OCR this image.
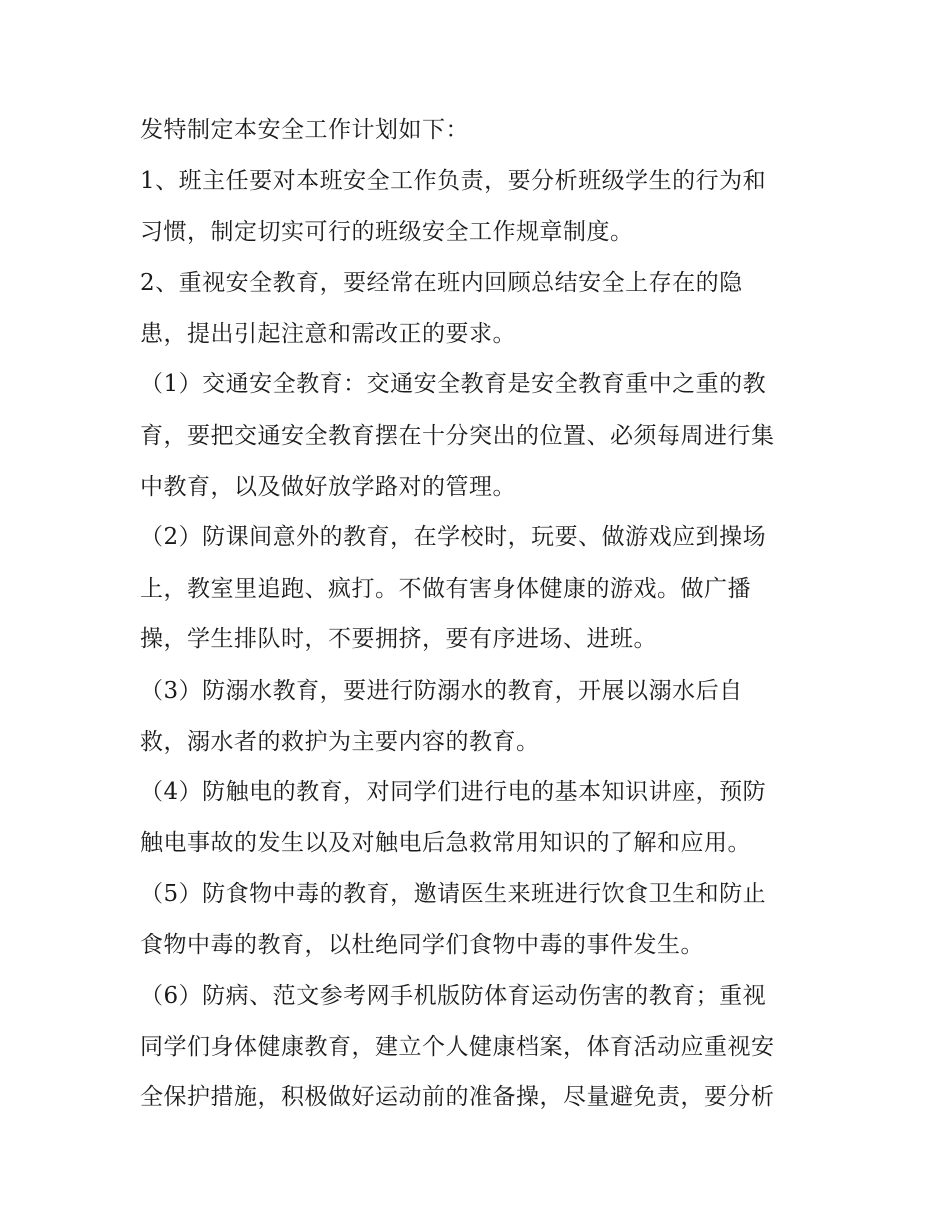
发特制定本安全工作计划如下：
1、班主任要对本班安全工作负责，要分析班级学生的行为和
习惯，制定切实可行的班级安全工作规章制度。
2、重视安全教育，要经常在班内回顾总结安全上存在的隐
患，提出引起注意和需改正的要求。
（1）交通安全教育：交通安全教育是安全教育重中之重的教
育，要把交通安全教育摆在十分突出的位置、必须每周进行集
中教育，以及做好放学路对的管理。
（2）防课间意外的教育，在学校时，玩要、做游戏应到操场
上，教室里追跑、疯打。不做有害身体健康的游戏。做广播
操，学生排队时，不要拥挤，要有序进场、进班。
（3）防溺水教育，要进行防溺水的教育，开展以溺水后自
救，溺水者的救护为主要内容的教育。
（4）防触电的教育，对同学们进行电的基本知识讲座，预防
触电事故的发生以及对触电后急救常用知识的了解和应用。
（5）防食物中毒的教育，邀请医生来班进行饮食卫生和防止
食物中毒的教育，以杜绝同学们食物中毒的事件发生。
（6）防病、范文参考网手机版防体育运动伤害的教育；重视
同学们身体健康教育，建立个人健康档案，体育活动应重视安
全保护措施，积极做好运动前的准备操，尽量避免责，要分析
